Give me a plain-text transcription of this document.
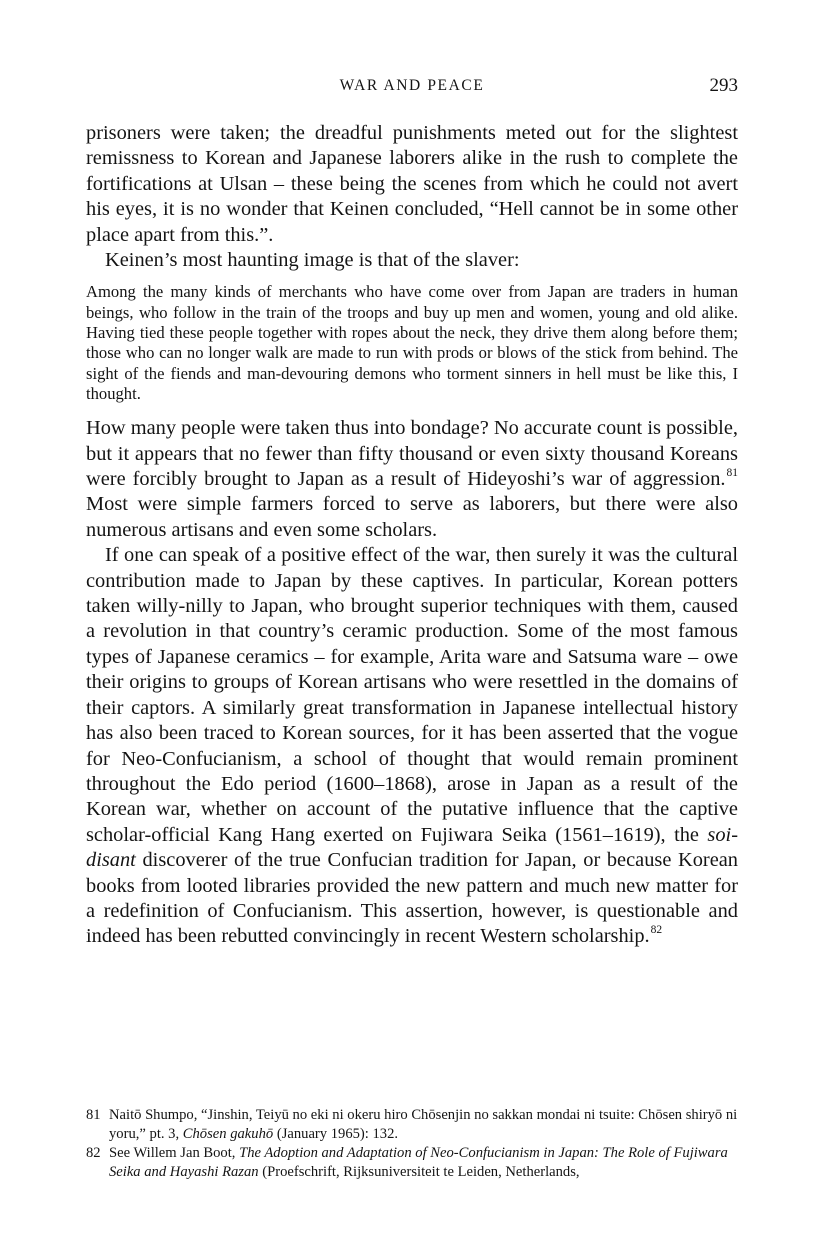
WAR AND PEACE	293

prisoners were taken; the dreadful punishments meted out for the slightest remissness to Korean and Japanese laborers alike in the rush to complete the fortifications at Ulsan – these being the scenes from which he could not avert his eyes, it is no wonder that Keinen concluded, “Hell cannot be in some other place apart from this.”.

Keinen’s most haunting image is that of the slaver:

Among the many kinds of merchants who have come over from Japan are traders in human beings, who follow in the train of the troops and buy up men and women, young and old alike. Having tied these people together with ropes about the neck, they drive them along before them; those who can no longer walk are made to run with prods or blows of the stick from behind. The sight of the fiends and man-devouring demons who torment sinners in hell must be like this, I thought.

How many people were taken thus into bondage? No accurate count is possible, but it appears that no fewer than fifty thousand or even sixty thousand Koreans were forcibly brought to Japan as a result of Hideyoshi’s war of aggression.$^{81}$ Most were simple farmers forced to serve as laborers, but there were also numerous artisans and even some scholars.

If one can speak of a positive effect of the war, then surely it was the cultural contribution made to Japan by these captives. In particular, Korean potters taken willy-nilly to Japan, who brought superior techniques with them, caused a revolution in that country’s ceramic production. Some of the most famous types of Japanese ceramics – for example, Arita ware and Satsuma ware – owe their origins to groups of Korean artisans who were resettled in the domains of their captors. A similarly great transformation in Japanese intellectual history has also been traced to Korean sources, for it has been asserted that the vogue for Neo-Confucianism, a school of thought that would remain prominent throughout the Edo period (1600–1868), arose in Japan as a result of the Korean war, whether on account of the putative influence that the captive scholar-official Kang Hang exerted on Fujiwara Seika (1561–1619), the soi-disant discoverer of the true Confucian tradition for Japan, or because Korean books from looted libraries provided the new pattern and much new matter for a redefinition of Confucianism. This assertion, however, is questionable and indeed has been rebutted convincingly in recent Western scholarship.$^{82}$

81 Naitō Shumpo, “Jinshin, Teiyū no eki ni okeru hiro Chōsenjin no sakkan mondai ni tsuite: Chōsen shiryō ni yoru,” pt. 3, Chōsen gakuhō (January 1965): 132.
82 See Willem Jan Boot, The Adoption and Adaptation of Neo-Confucianism in Japan: The Role of Fujiwara Seika and Hayashi Razan (Proefschrift, Rijksuniversiteit te Leiden, Netherlands,
